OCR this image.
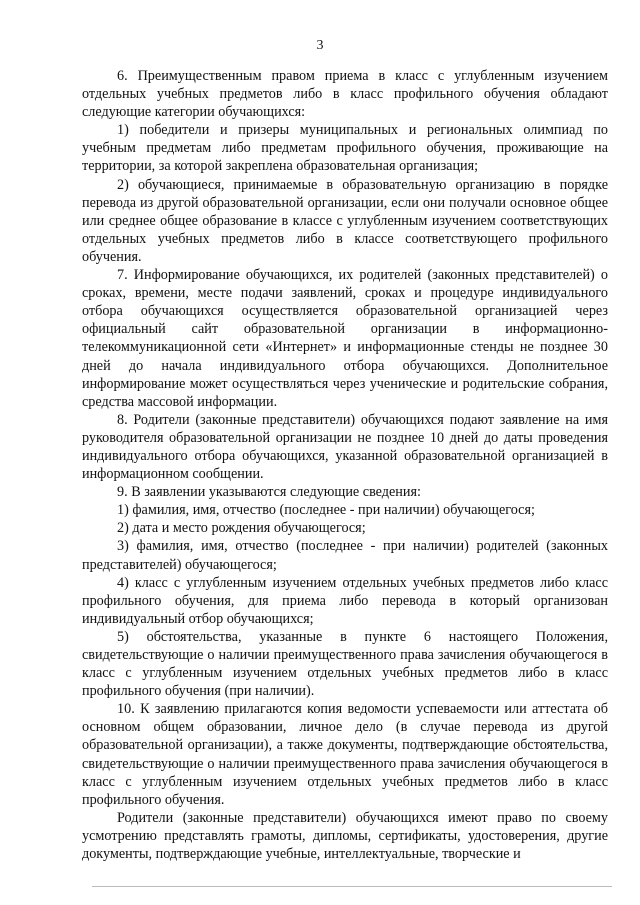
3

6. Преимущественным правом приема в класс с углубленным изучением отдельных учебных предметов либо в класс профильного обучения обладают следующие категории обучающихся:

1) победители и призеры муниципальных и региональных олимпиад по учебным предметам либо предметам профильного обучения, проживающие на территории, за которой закреплена образовательная организация;

2) обучающиеся, принимаемые в образовательную организацию в порядке перевода из другой образовательной организации, если они получали основное общее или среднее общее образование в классе с углубленным изучением соответствующих отдельных учебных предметов либо в классе соответствующего профильного обучения.

7. Информирование обучающихся, их родителей (законных представителей) о сроках, времени, месте подачи заявлений, сроках и процедуре индивидуального отбора обучающихся осуществляется образовательной организацией через официальный сайт образовательной организации в информационно-телекоммуникационной сети «Интернет» и информационные стенды не позднее 30 дней до начала индивидуального отбора обучающихся. Дополнительное информирование может осуществляться через ученические и родительские собрания, средства массовой информации.

8. Родители (законные представители) обучающихся подают заявление на имя руководителя образовательной организации не позднее 10 дней до даты проведения индивидуального отбора обучающихся, указанной образовательной организацией в информационном сообщении.

9. В заявлении указываются следующие сведения:

1) фамилия, имя, отчество (последнее - при наличии) обучающегося;

2) дата и место рождения обучающегося;

3) фамилия, имя, отчество (последнее - при наличии) родителей (законных представителей) обучающегося;

4) класс с углубленным изучением отдельных учебных предметов либо класс профильного обучения, для приема либо перевода в который организован индивидуальный отбор обучающихся;

5) обстоятельства, указанные в пункте 6 настоящего Положения, свидетельствующие о наличии преимущественного права зачисления обучающегося в класс с углубленным изучением отдельных учебных предметов либо в класс профильного обучения (при наличии).

10. К заявлению прилагаются копия ведомости успеваемости или аттестата об основном общем образовании, личное дело (в случае перевода из другой образовательной организации), а также документы, подтверждающие обстоятельства, свидетельствующие о наличии преимущественного права зачисления обучающегося в класс с углубленным изучением отдельных учебных предметов либо в класс профильного обучения.

Родители (законные представители) обучающихся имеют право по своему усмотрению представлять грамоты, дипломы, сертификаты, удостоверения, другие документы, подтверждающие учебные, интеллектуальные, творческие и
